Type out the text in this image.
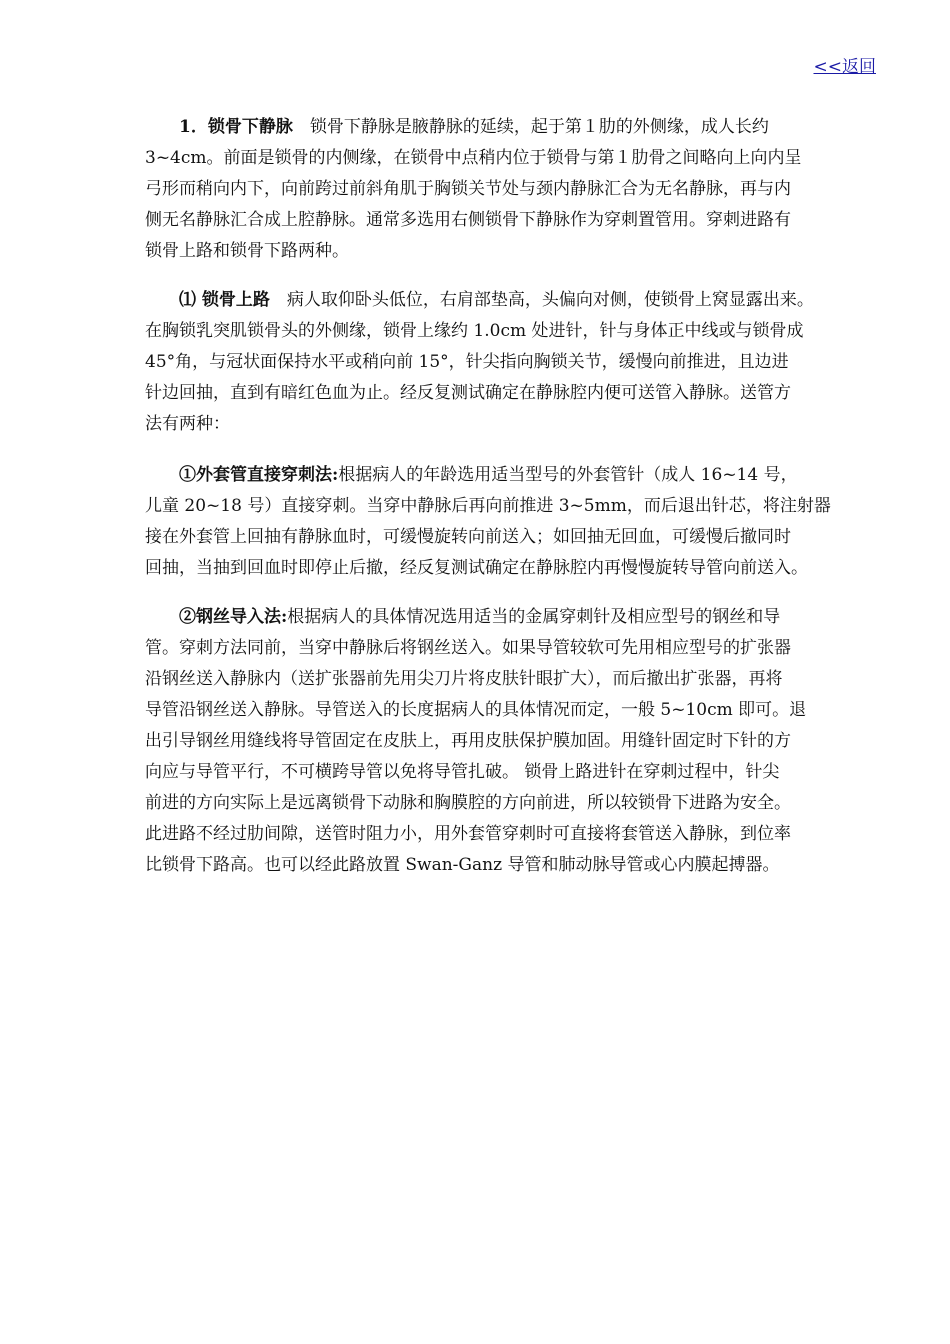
<<返回
1．锁骨下静脉　锁骨下静脉是腋静脉的延续，起于第１肋的外侧缘，成人长约
3~4cm。前面是锁骨的内侧缘，在锁骨中点稍内位于锁骨与第１肋骨之间略向上向内呈
弓形而稍向内下，向前跨过前斜角肌于胸锁关节处与颈内静脉汇合为无名静脉，再与内
侧无名静脉汇合成上腔静脉。通常多选用右侧锁骨下静脉作为穿刺置管用。穿刺进路有
锁骨上路和锁骨下路两种。
⑴ 锁骨上路　病人取仰卧头低位，右肩部垫高，头偏向对侧，使锁骨上窝显露出来。
在胸锁乳突肌锁骨头的外侧缘，锁骨上缘约 1.0cm 处进针，针与身体正中线或与锁骨成
45°角，与冠状面保持水平或稍向前 15°，针尖指向胸锁关节，缓慢向前推进，且边进
针边回抽，直到有暗红色血为止。经反复测试确定在静脉腔内便可送管入静脉。送管方
法有两种：
①外套管直接穿刺法:根据病人的年龄选用适当型号的外套管针（成人 16~14 号，
儿童 20~18 号）直接穿刺。当穿中静脉后再向前推进 3~5mm，而后退出针芯，将注射器
接在外套管上回抽有静脉血时，可缓慢旋转向前送入；如回抽无回血，可缓慢后撤同时
回抽，当抽到回血时即停止后撤，经反复测试确定在静脉腔内再慢慢旋转导管向前送入。
②钢丝导入法:根据病人的具体情况选用适当的金属穿刺针及相应型号的钢丝和导
管。穿刺方法同前，当穿中静脉后将钢丝送入。如果导管较软可先用相应型号的扩张器
沿钢丝送入静脉内（送扩张器前先用尖刀片将皮肤针眼扩大），而后撤出扩张器，再将
导管沿钢丝送入静脉。导管送入的长度据病人的具体情况而定，一般 5~10cm 即可。退
出引导钢丝用缝线将导管固定在皮肤上，再用皮肤保护膜加固。用缝针固定时下针的方
向应与导管平行，不可横跨导管以免将导管扎破。 锁骨上路进针在穿刺过程中，针尖
前进的方向实际上是远离锁骨下动脉和胸膜腔的方向前进，所以较锁骨下进路为安全。
此进路不经过肋间隙，送管时阻力小，用外套管穿刺时可直接将套管送入静脉，到位率
比锁骨下路高。也可以经此路放置 Swan-Ganz 导管和肺动脉导管或心内膜起搏器。
